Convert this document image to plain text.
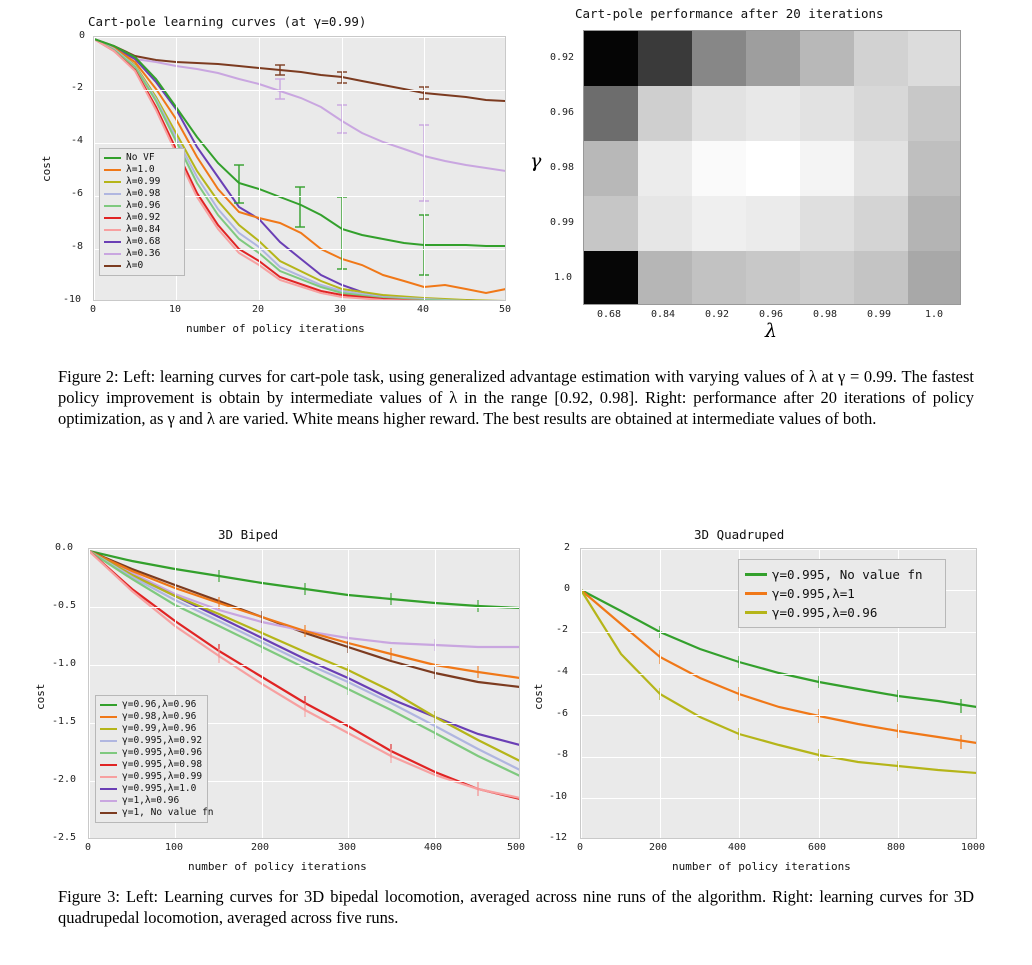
Cart-pole learning curves (at γ=0.99)
-10
-8
-6
-4
-2
0
0	10	20	30	40	50
number of policy iterations
cost	No VF
λ=1.0
λ=0.99
λ=0.98
λ=0.96
λ=0.92
λ=0.84
λ=0.68
λ=0.36
λ=0
Cart-pole performance after 20 iterations
0.92
0.96
0.98
0.99
1.0
0.68	0.84	0.92	0.96	0.98	0.99	1.0
λ
γ
Figure 2: Left: learning curves for cart-pole task, using generalized advantage estimation with varying values of λ at γ = 0.99. The fastest policy improvement is obtain by intermediate values of λ in the range [0.92, 0.98]. Right: performance after 20 iterations of policy optimization, as γ and λ are varied. White means higher reward. The best results are obtained at intermediate values of both.
3D Biped
-2.5
-2.0
-1.5
-1.0
-0.5
0.0
0	100	200	300	400	500
number of policy iterations
cost	γ=0.96,λ=0.96
γ=0.98,λ=0.96
γ=0.99,λ=0.96
γ=0.995,λ=0.92
γ=0.995,λ=0.96
γ=0.995,λ=0.98
γ=0.995,λ=0.99
γ=0.995,λ=1.0
γ=1,λ=0.96
γ=1, No value fn
3D Quadruped
-12
-10
-8
-6
-4
-2
0
2
0	200	400	600	800	1000
number of policy iterations
cost
γ=0.995, No value fn
γ=0.995,λ=1
γ=0.995,λ=0.96
Figure 3: Left: Learning curves for 3D bipedal locomotion, averaged across nine runs of the algorithm. Right: learning curves for 3D quadrupedal locomotion, averaged across five runs.
